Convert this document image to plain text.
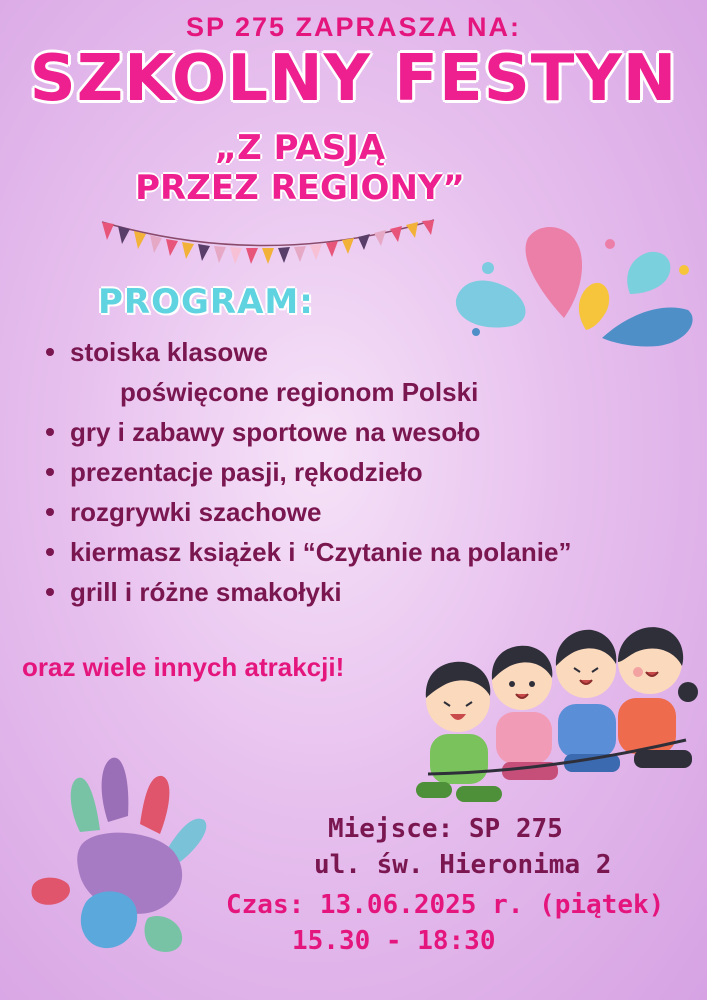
SP 275 ZAPRASZA NA:
SZKOLNY FESTYN
„Z PASJĄ
PRZEZ REGIONY”
PROGRAM:
stoiska klasowe
poświęcone regionom Polski
gry i zabawy sportowe na wesoło
prezentacje pasji, rękodzieło
rozgrywki szachowe
kiermasz książek i “Czytanie na polanie”
grill i różne smakołyki
oraz wiele innych atrakcji!
Miejsce: SP 275
ul. św. Hieronima 2
Czas: 13.06.2025 r. (piątek)
15.30 - 18:30
